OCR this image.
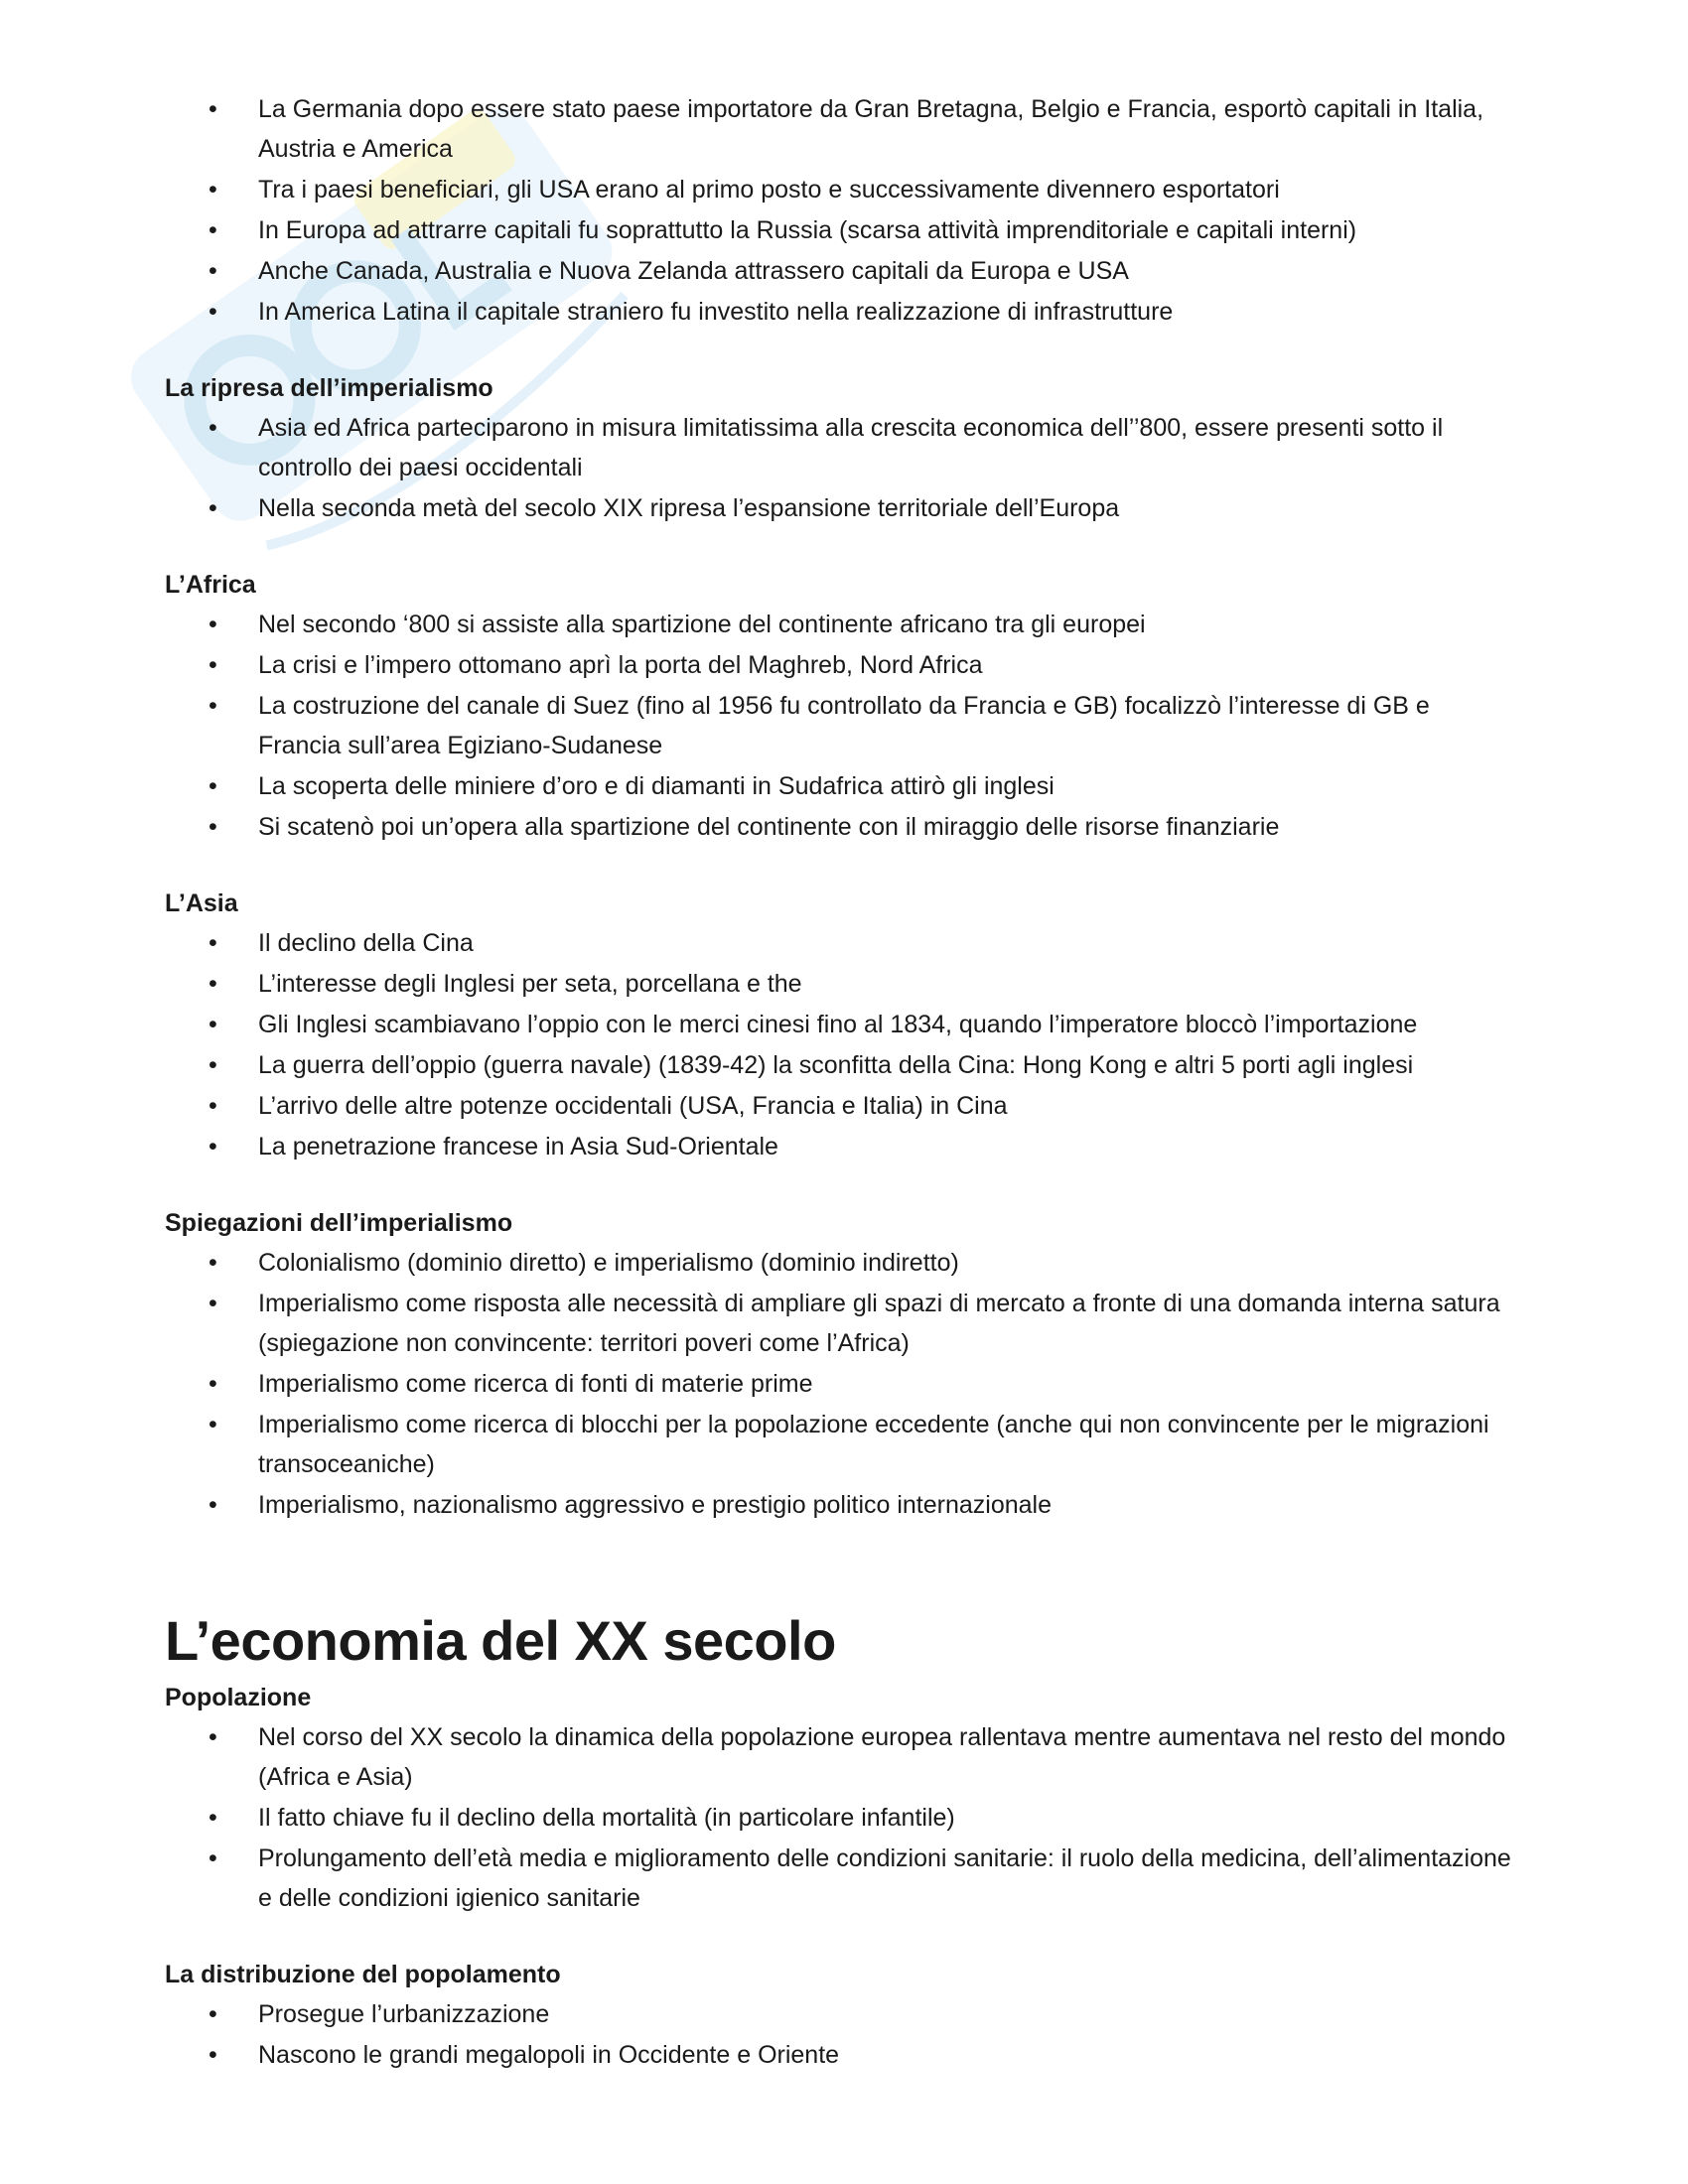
• La Germania dopo essere stato paese importatore da Gran Bretagna, Belgio e Francia, esportò capitali in Italia, Austria e America
• Tra i paesi beneficiari, gli USA erano al primo posto e successivamente divennero esportatori
• In Europa ad attrarre capitali fu soprattutto la Russia (scarsa attività imprenditoriale e capitali interni)
• Anche Canada, Australia e Nuova Zelanda attrassero capitali da Europa e USA
• In America Latina il capitale straniero fu investito nella realizzazione di infrastrutture
La ripresa dell’imperialismo
• Asia ed Africa parteciparono in misura limitatissima alla crescita economica dell’’800, essere presenti sotto il controllo dei paesi occidentali
• Nella seconda metà del secolo XIX ripresa l’espansione territoriale dell’Europa
L’Africa
• Nel secondo ‘800 si assiste alla spartizione del continente africano tra gli europei
• La crisi e l’impero ottomano aprì la porta del Maghreb, Nord Africa
• La costruzione del canale di Suez (fino al 1956 fu controllato da Francia e GB) focalizzò l’interesse di GB e Francia sull’area Egiziano-Sudanese
• La scoperta delle miniere d’oro e di diamanti in Sudafrica attirò gli inglesi
• Si scatenò poi un’opera alla spartizione del continente con il miraggio delle risorse finanziarie
L’Asia
• Il declino della Cina
• L’interesse degli Inglesi per seta, porcellana e the
• Gli Inglesi scambiavano l’oppio con le merci cinesi fino al 1834, quando l’imperatore bloccò l’importazione
• La guerra dell’oppio (guerra navale) (1839-42) la sconfitta della Cina: Hong Kong e altri 5 porti agli inglesi
• L’arrivo delle altre potenze occidentali (USA, Francia e Italia) in Cina
• La penetrazione francese in Asia Sud-Orientale
Spiegazioni dell’imperialismo
• Colonialismo (dominio diretto) e imperialismo (dominio indiretto)
• Imperialismo come risposta alle necessità di ampliare gli spazi di mercato a fronte di una domanda interna satura (spiegazione non convincente: territori poveri come l’Africa)
• Imperialismo come ricerca di fonti di materie prime
• Imperialismo come ricerca di blocchi per la popolazione eccedente (anche qui non convincente per le migrazioni transoceaniche)
• Imperialismo, nazionalismo aggressivo e prestigio politico internazionale
L’economia del XX secolo
Popolazione
• Nel corso del XX secolo la dinamica della popolazione europea rallentava mentre aumentava nel resto del mondo (Africa e Asia)
• Il fatto chiave fu il declino della mortalità (in particolare infantile)
• Prolungamento dell’età media e miglioramento delle condizioni sanitarie: il ruolo della medicina, dell’alimentazione e delle condizioni igienico sanitarie
La distribuzione del popolamento
• Prosegue l’urbanizzazione
• Nascono le grandi megalopoli in Occidente e Oriente
